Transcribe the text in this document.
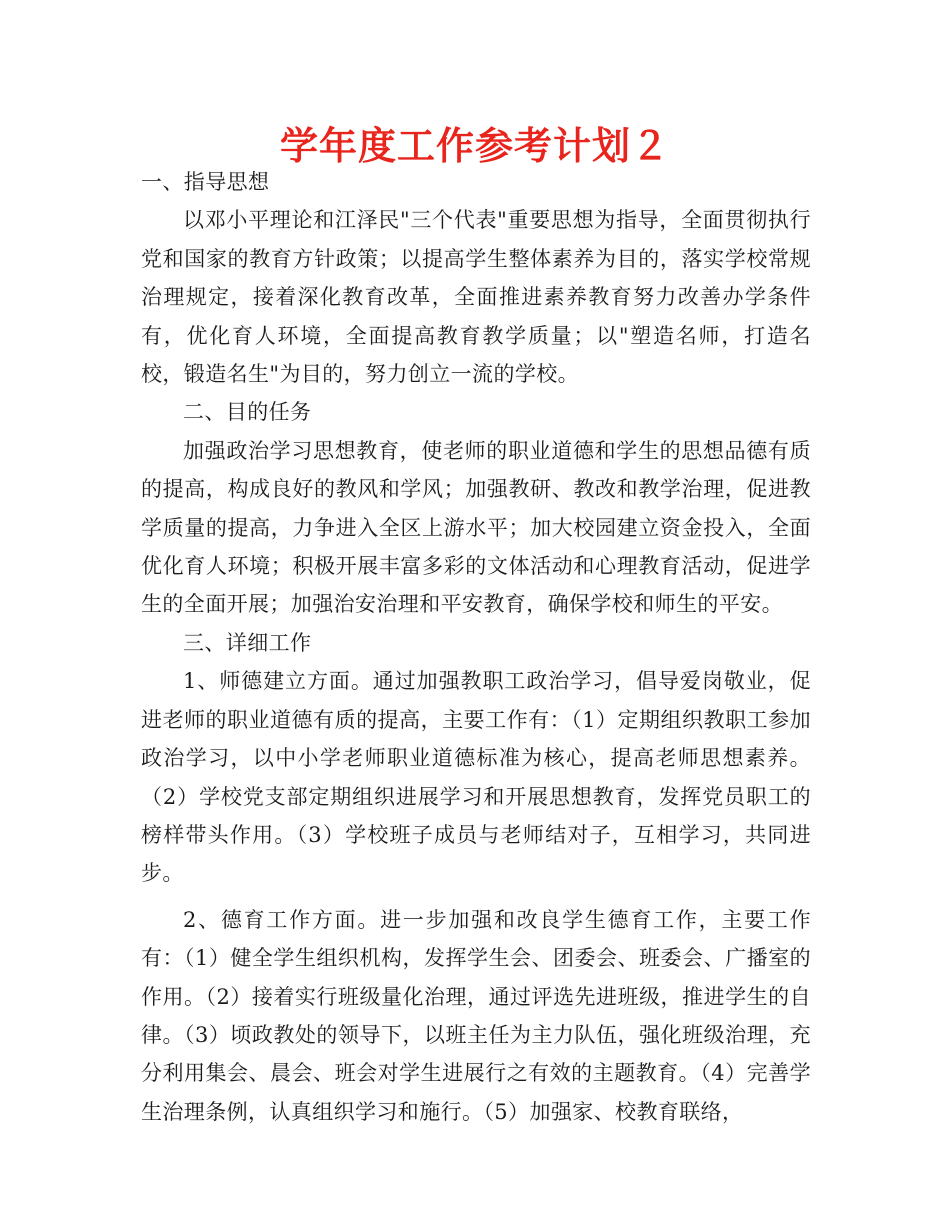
学年度工作参考计划２

一、指导思想

以邓小平理论和江泽民"三个代表"重要思想为指导，全面贯彻执行党和国家的教育方针政策；以提高学生整体素养为目的，落实学校常规治理规定，接着深化教育改革，全面推进素养教育努力改善办学条件有，优化育人环境，全面提高教育教学质量；以"塑造名师，打造名校，锻造名生"为目的，努力创立一流的学校。

二、目的任务

加强政治学习思想教育，使老师的职业道德和学生的思想品德有质的提高，构成良好的教风和学风；加强教研、教改和教学治理，促进教学质量的提高，力争进入全区上游水平；加大校园建立资金投入，全面优化育人环境；积极开展丰富多彩的文体活动和心理教育活动，促进学生的全面开展；加强治安治理和平安教育，确保学校和师生的平安。

三、详细工作

1、师德建立方面。通过加强教职工政治学习，倡导爱岗敬业，促进老师的职业道德有质的提高，主要工作有：（1）定期组织教职工参加政治学习，以中小学老师职业道德标准为核心，提高老师思想素养。（2）学校党支部定期组织进展学习和开展思想教育，发挥党员职工的榜样带头作用。（3）学校班子成员与老师结对子，互相学习，共同进步。

2、德育工作方面。进一步加强和改良学生德育工作，主要工作有：（1）健全学生组织机构，发挥学生会、团委会、班委会、广播室的作用。（2）接着实行班级量化治理，通过评选先进班级，推进学生的自律。（3）顷政教处的领导下，以班主任为主力队伍，强化班级治理，充分利用集会、晨会、班会对学生进展行之有效的主题教育。（4）完善学生治理条例，认真组织学习和施行。（5）加强家、校教育联络，
